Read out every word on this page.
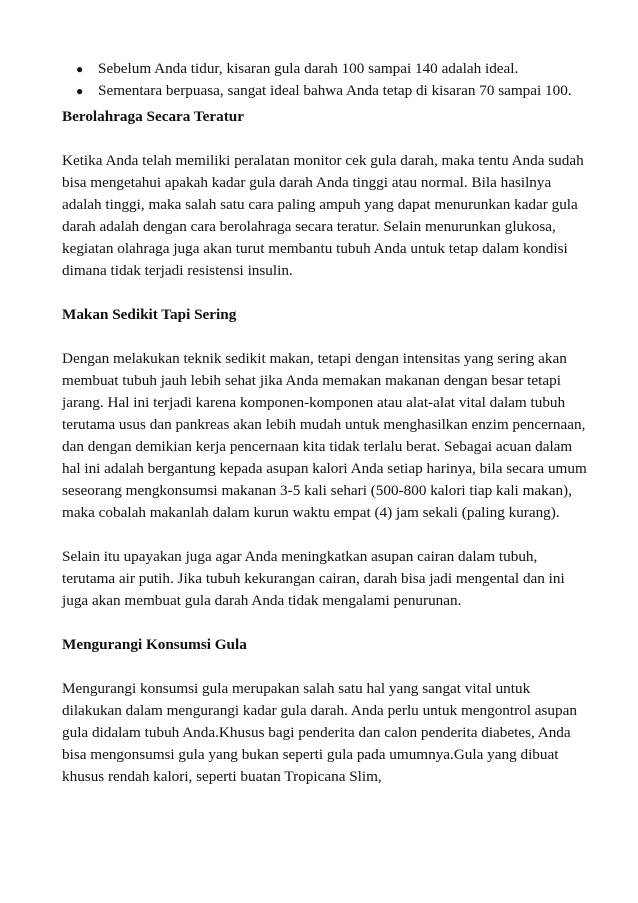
● Sebelum Anda tidur, kisaran gula darah 100 sampai 140 adalah ideal.
● Sementara berpuasa, sangat ideal bahwa Anda tetap di kisaran 70 sampai 100.
Berolahraga Secara Teratur

Ketika Anda telah memiliki peralatan monitor cek gula darah, maka tentu Anda sudah bisa mengetahui apakah kadar gula darah Anda tinggi atau normal. Bila hasilnya adalah tinggi, maka salah satu cara paling ampuh yang dapat menurunkan kadar gula darah adalah dengan cara berolahraga secara teratur. Selain menurunkan glukosa, kegiatan olahraga juga akan turut membantu tubuh Anda untuk tetap dalam kondisi dimana tidak terjadi resistensi insulin.

Makan Sedikit Tapi Sering

Dengan melakukan teknik sedikit makan, tetapi dengan intensitas yang sering akan membuat tubuh jauh lebih sehat jika Anda memakan makanan dengan besar tetapi jarang. Hal ini terjadi karena komponen-komponen atau alat-alat vital dalam tubuh terutama usus dan pankreas akan lebih mudah untuk menghasilkan enzim pencernaan, dan dengan demikian kerja pencernaan kita tidak terlalu berat. Sebagai acuan dalam hal ini adalah bergantung kepada asupan kalori Anda setiap harinya, bila secara umum seseorang mengkonsumsi makanan 3-5 kali sehari (500-800 kalori tiap kali makan), maka cobalah makanlah dalam kurun waktu empat (4) jam sekali (paling kurang).

Selain itu upayakan juga agar Anda meningkatkan asupan cairan dalam tubuh, terutama air putih. Jika tubuh kekurangan cairan, darah bisa jadi mengental dan ini juga akan membuat gula darah Anda tidak mengalami penurunan.

Mengurangi Konsumsi Gula

Mengurangi konsumsi gula merupakan salah satu hal yang sangat vital untuk dilakukan dalam mengurangi kadar gula darah. Anda perlu untuk mengontrol asupan gula didalam tubuh Anda.Khusus bagi penderita dan calon penderita diabetes, Anda bisa mengonsumsi gula yang bukan seperti gula pada umumnya.Gula yang dibuat khusus rendah kalori, seperti buatan Tropicana Slim,
